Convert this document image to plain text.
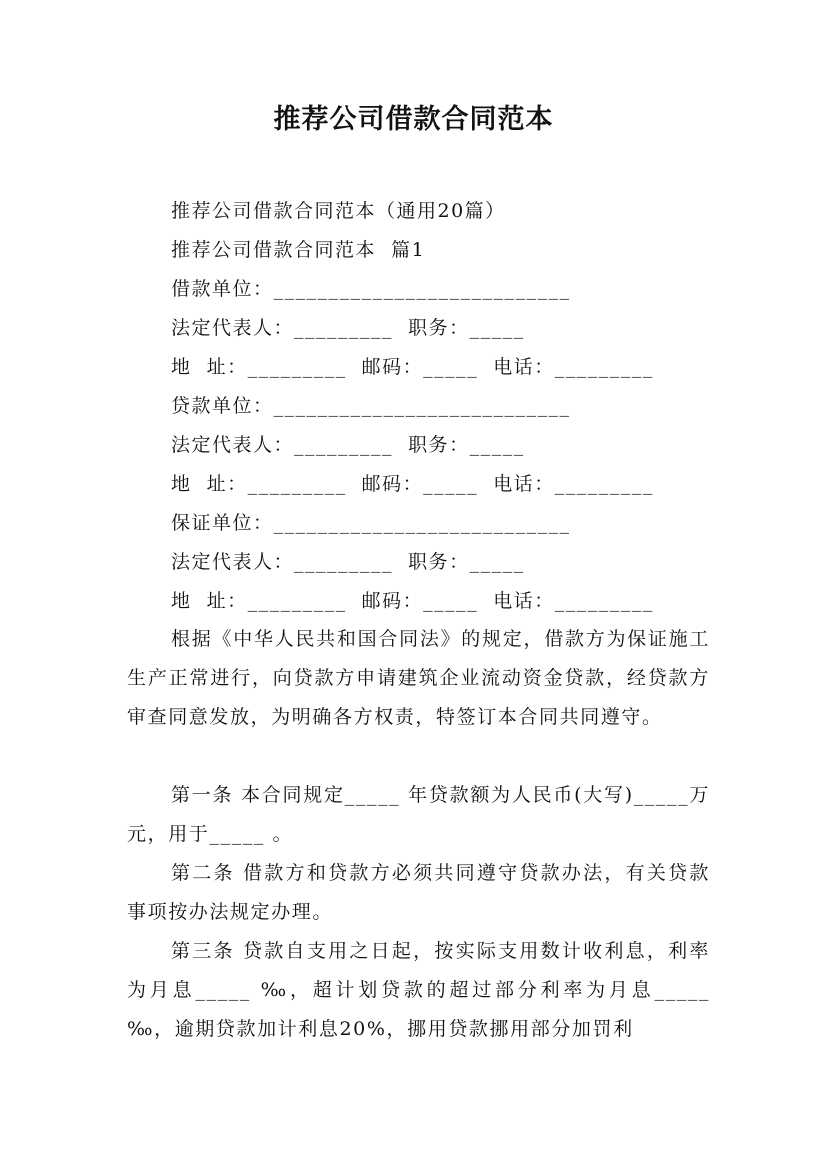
推荐公司借款合同范本
推荐公司借款合同范本（通用20篇）
推荐公司借款合同范本  篇1
借款单位：___________________________
法定代表人：_________  职务：_____
地  址：_________  邮码：_____  电话：_________
贷款单位：___________________________
法定代表人：_________  职务：_____
地  址：_________  邮码：_____  电话：_________
保证单位：___________________________
法定代表人：_________  职务：_____
地  址：_________  邮码：_____  电话：_________
根据《中华人民共和国合同法》的规定，借款方为保证施工生产正常进行，向贷款方申请建筑企业流动资金贷款，经贷款方审查同意发放，为明确各方权责，特签订本合同共同遵守。
第一条 本合同规定_____ 年贷款额为人民币(大写)_____万元，用于_____ 。
第二条 借款方和贷款方必须共同遵守贷款办法，有关贷款事项按办法规定办理。
第三条 贷款自支用之日起，按实际支用数计收利息，利率为月息_____ ‰，超计划贷款的超过部分利率为月息_____ ‰，逾期贷款加计利息20%，挪用贷款挪用部分加罚利
